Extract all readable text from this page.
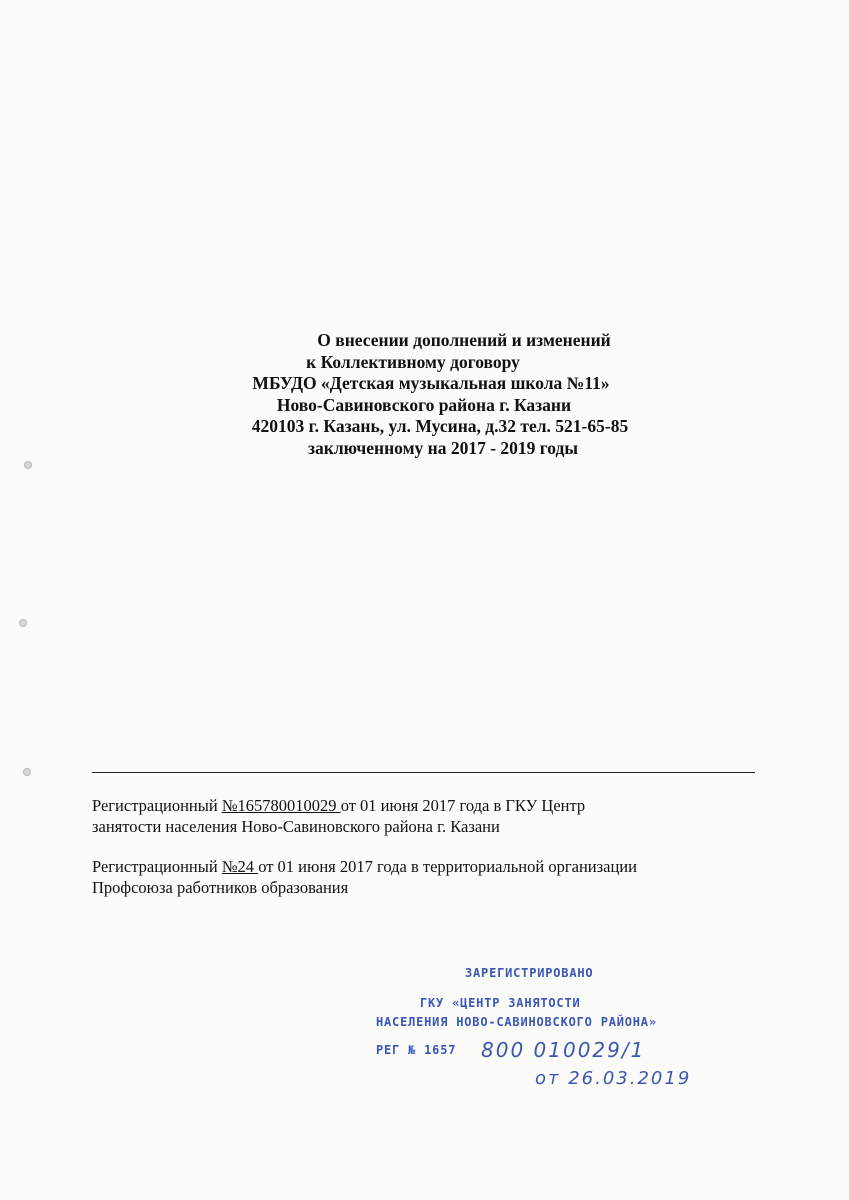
О внесении дополнений и изменений
к Коллективному договору
МБУДО «Детская музыкальная школа №11»
Ново-Савиновского района г. Казани
420103 г. Казань, ул. Мусина, д.32 тел. 521-65-85
заключенному на 2017 - 2019 годы
Регистрационный №165780010029 от 01 июня 2017 года в ГКУ Центр
занятости населения Ново-Савиновского района г. Казани
Регистрационный №24 от 01 июня 2017 года в территориальной организации
Профсоюза работников образования
ЗАРЕГИСТРИРОВАНО
ГКУ «ЦЕНТР ЗАНЯТОСТИ
НАСЕЛЕНИЯ НОВО-САВИНОВСКОГО РАЙОНА»
РЕГ № 1657 800 010029/1
от 26.03.2019
